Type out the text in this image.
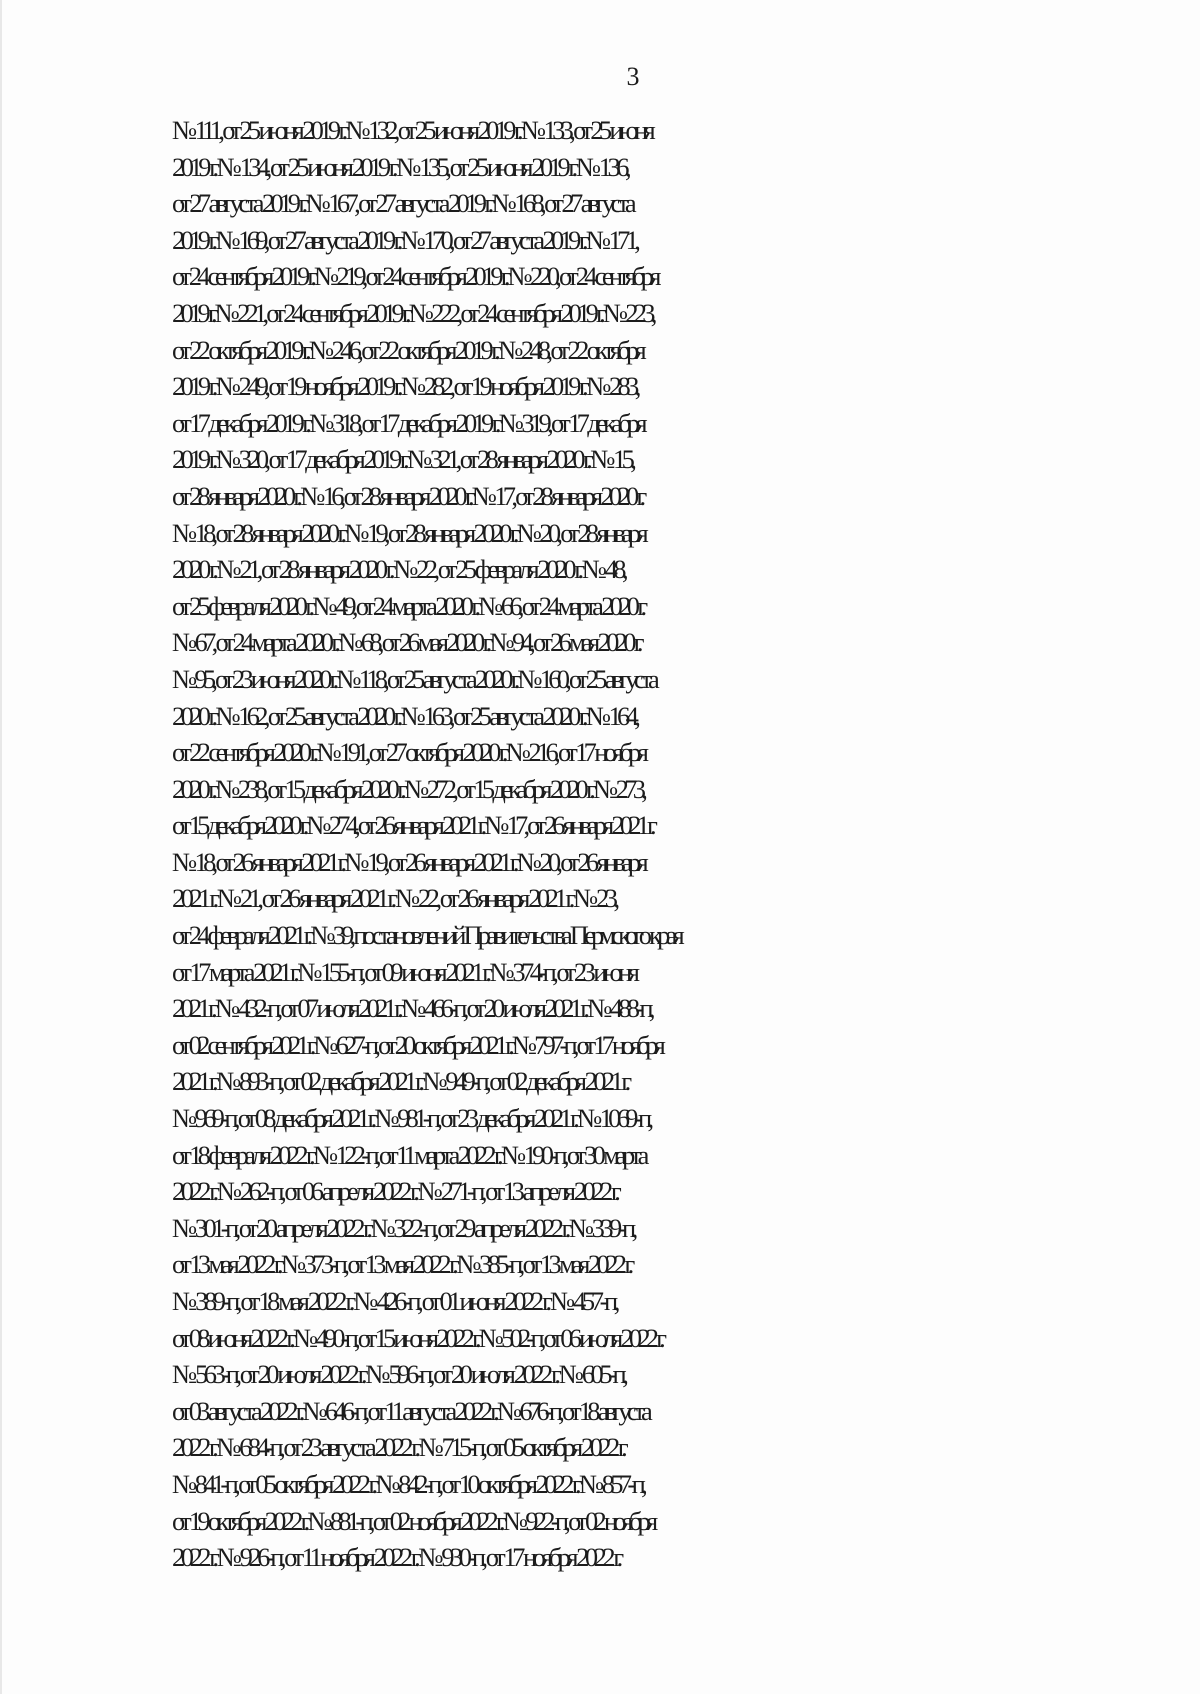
3
№ 111, от 25 июня 2019 г. № 132, от 25 июня 2019 г. № 133, от 25 июня
2019 г. № 134, от 25 июня 2019 г. № 135, от 25 июня 2019 г. № 136,
от 27 августа 2019 г. № 167, от 27 августа 2019 г. № 168, от 27 августа
2019 г. № 169, от 27 августа 2019 г. № 170, от 27 августа 2019 г. № 171,
от 24 сентября 2019 г. № 219, от 24 сентября 2019 г. № 220, от 24 сентября
2019 г. № 221, от 24 сентября 2019 г. № 222, от 24 сентября 2019 г. № 223,
от 22 октября 2019 г. № 246, от 22 октября 2019 г. № 248, от 22 октября
2019 г. № 249, от 19 ноября 2019 г. № 282, от 19 ноября 2019 г. № 283,
от 17 декабря 2019 г. № 318, от 17 декабря 2019 г. № 319, от 17 декабря
2019 г. № 320, от 17 декабря 2019 г. № 321, от 28 января 2020 г. № 15,
от 28 января 2020 г. № 16, от 28 января 2020 г. № 17, от 28 января 2020 г.
№ 18, от 28 января 2020 г. № 19, от 28 января 2020 г. № 20, от 28 января
2020 г. № 21, от 28 января 2020 г. № 22, от 25 февраля 2020 г. № 48,
от 25 февраля 2020 г. № 49, от 24 марта 2020 г. № 66, от 24 марта 2020 г.
№ 67, от 24 марта 2020 г. № 68, от 26 мая 2020 г. № 94, от 26 мая 2020 г.
№ 95, от 23 июня 2020 г. № 118, от 25 августа 2020 г. № 160, от 25 августа
2020 г. № 162, от 25 августа 2020 г. № 163, от 25 августа 2020 г. № 164,
от 22 сентября 2020 г. № 191, от 27 октября 2020 г. № 216, от 17 ноября
2020 г. № 238, от 15 декабря 2020 г. № 272, от 15 декабря 2020 г. № 273,
от 15 декабря 2020 г. № 274, от 26 января 2021 г. № 17, от 26 января 2021 г.
№ 18, от 26 января 2021 г. № 19, от 26 января 2021 г. № 20, от 26 января
2021 г. № 21, от 26 января 2021 г. № 22, от 26 января 2021 г. № 23,
от 24 февраля 2021 г. № 39, постановлений Правительства Пермского края
от 17 марта 2021 г. № 155-п, от 09 июня 2021 г. № 374-п, от 23 июня
2021 г. № 432-п, от 07 июля 2021 г. № 466-п, от 20 июля 2021 г. № 488-п,
от 02 сентября 2021 г. № 627-п, от 20 октября 2021 г. № 797-п, от 17 ноября
2021 г. № 893-п, от 02 декабря 2021 г. № 949-п, от 02 декабря 2021 г.
№ 969-п, от 08 декабря 2021 г. № 981-п, от 23 декабря 2021 г. № 1069-п,
от 18 февраля 2022 г. № 122-п, от 11 марта 2022 г. № 190-п, от 30 марта
2022 г. № 262-п, от 06 апреля 2022 г. № 271-п, от 13 апреля 2022 г.
№ 301-п, от 20 апреля 2022 г. № 322-п, от 29 апреля 2022 г. № 339-п,
от 13 мая 2022 г. № 373-п, от 13 мая 2022 г. № 385-п, от 13 мая 2022 г.
№ 389-п, от 18 мая 2022 г. № 426-п, от 01 июня 2022 г. № 457-п,
от 08 июня 2022 г. № 490-п, от 15 июня 2022 г. № 502-п, от 06 июля 2022 г.
№ 563-п, от 20 июля 2022 г. № 596-п, от 20 июля 2022 г. № 605-п,
от 03 августа 2022 г. № 646-п, от 11 августа 2022 г. № 676-п, от 18 августа
2022 г. № 684-п, от 23 августа 2022 г. № 715-п, от 05 октября 2022 г.
№ 841-п, от 05 октября 2022 г. № 842-п, от 10 октября 2022 г. № 857-п,
от 19 октября 2022 г. № 881-п, от 02 ноября 2022 г. № 922-п, от 02 ноября
2022 г. № 926-п, от 11 ноября 2022 г. № 930-п, от 17 ноября 2022 г.
